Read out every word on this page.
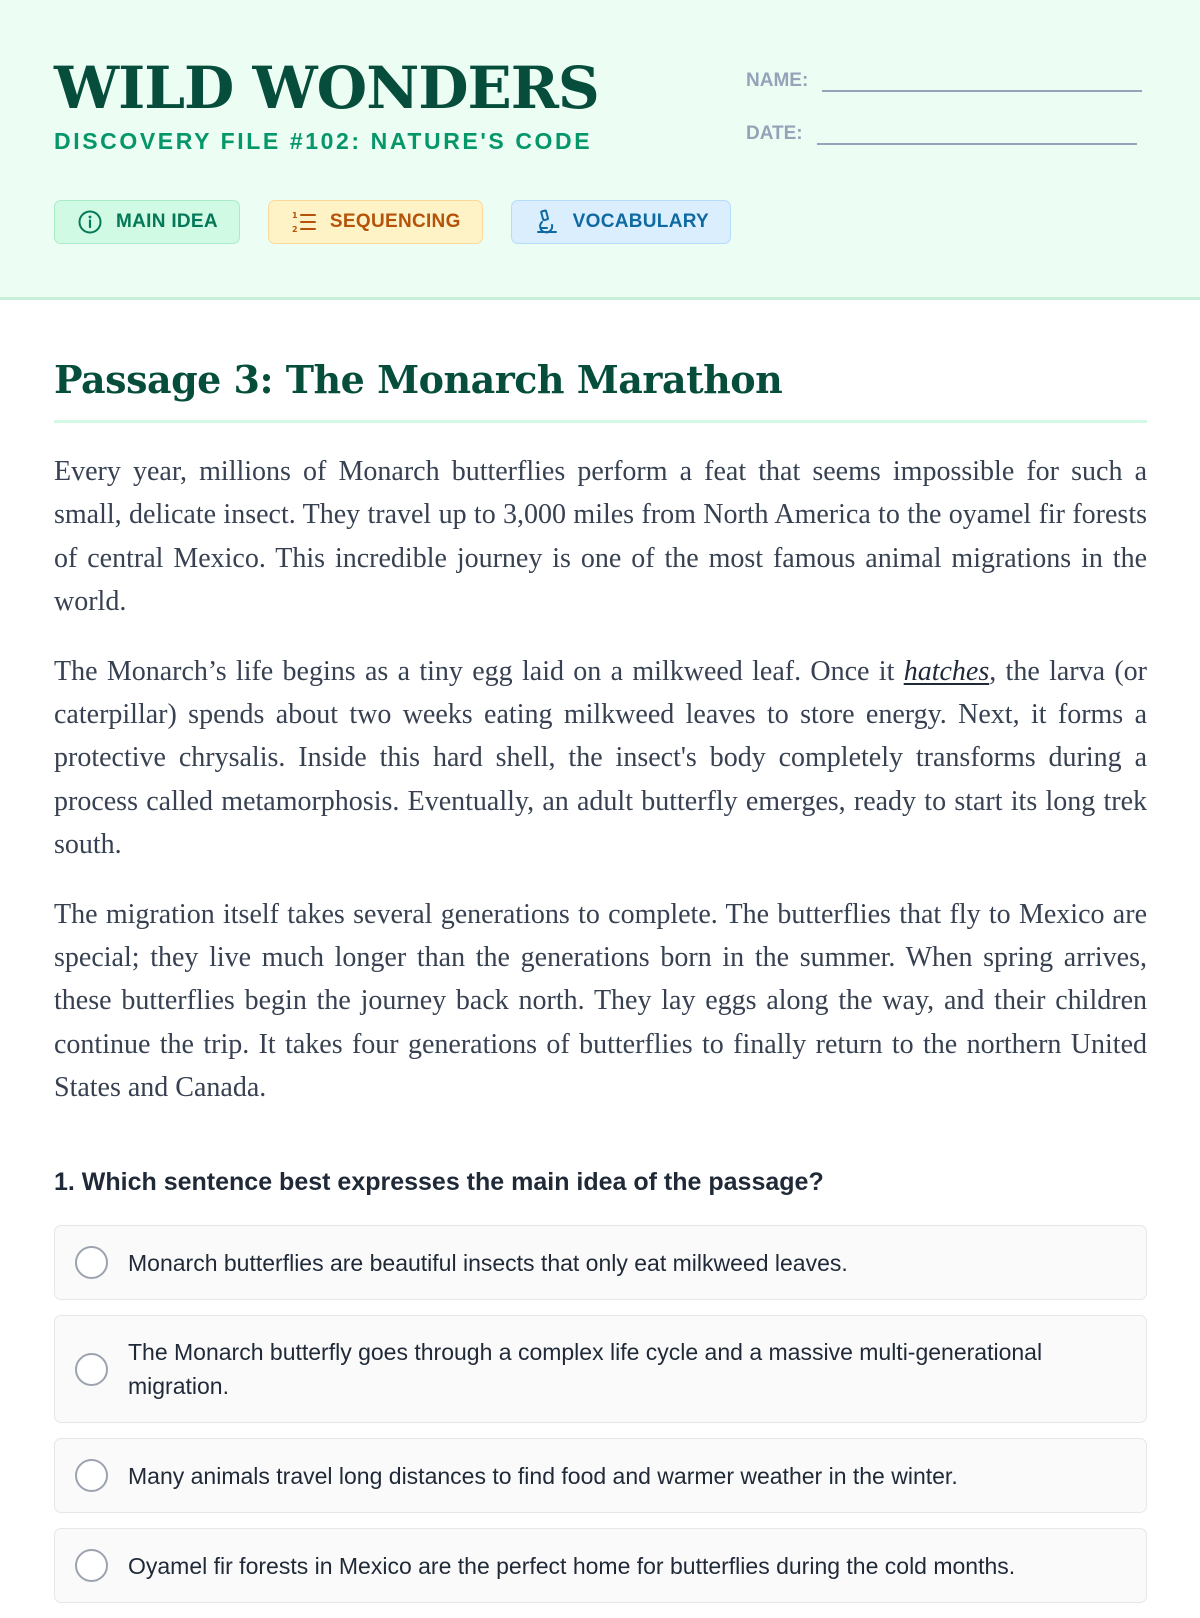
WILD WONDERS
DISCOVERY FILE #102: NATURE'S CODE
NAME:
DATE:
MAIN IDEA	1
2 SEQUENCING	VOCABULARY
Passage 3: The Monarch Marathon

Every year, millions of Monarch butterflies perform a feat that seems impossible for such a small, delicate insect. They travel up to 3,000 miles from North America to the oyamel fir forests of central Mexico. This incredible journey is one of the most famous animal migrations in the world.

The Monarch’s life begins as a tiny egg laid on a milkweed leaf. Once it hatches, the larva (or caterpillar) spends about two weeks eating milkweed leaves to store energy. Next, it forms a protective chrysalis. Inside this hard shell, the insect's body completely transforms during a process called metamorphosis. Eventually, an adult butterfly emerges, ready to start its long trek south.

The migration itself takes several generations to complete. The butterflies that fly to Mexico are special; they live much longer than the generations born in the summer. When spring arrives, these butterflies begin the journey back north. They lay eggs along the way, and their children continue the trip. It takes four generations of butterflies to finally return to the northern United States and Canada.

1. Which sentence best expresses the main idea of the passage?
Monarch butterflies are beautiful insects that only eat milkweed leaves.
The Monarch butterfly goes through a complex life cycle and a massive multi-generational migration.
Many animals travel long distances to find food and warmer weather in the winter.
Oyamel fir forests in Mexico are the perfect home for butterflies during the cold months.
